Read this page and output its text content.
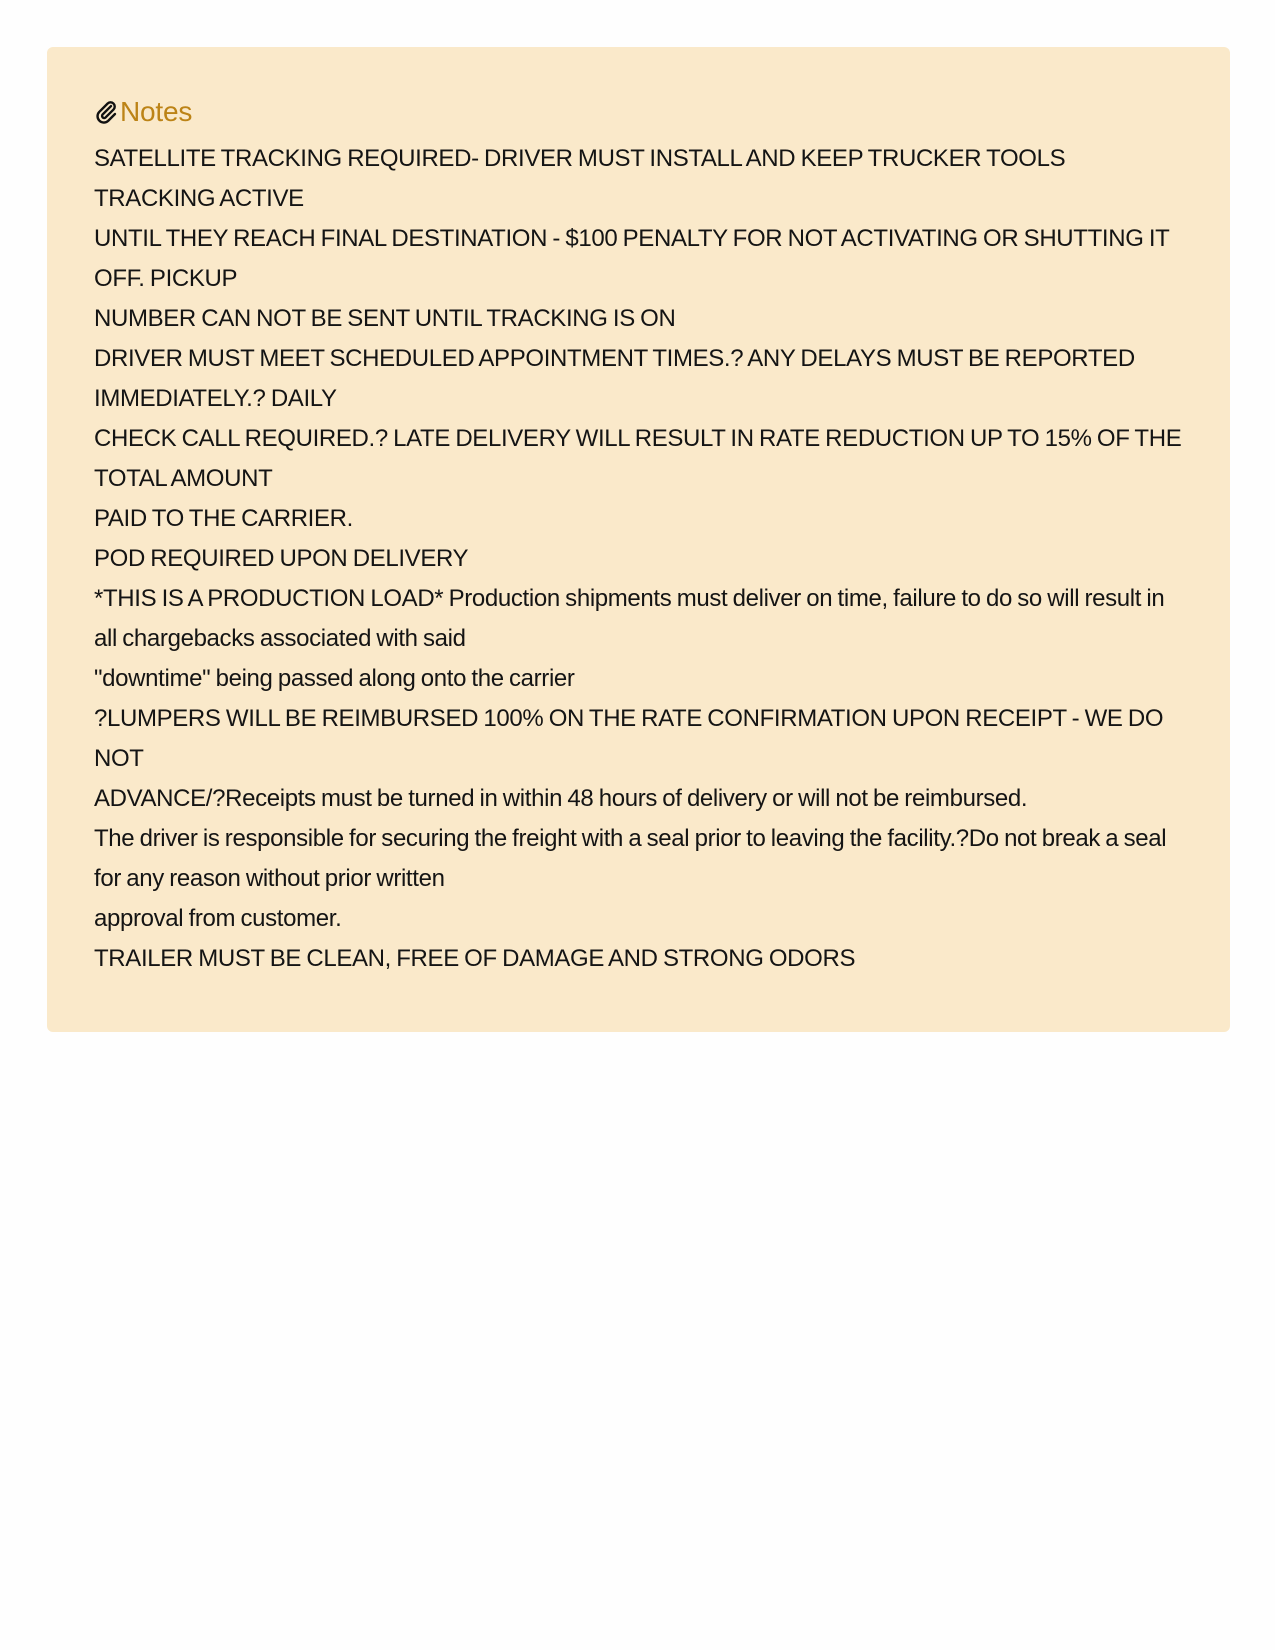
Notes
SATELLITE TRACKING REQUIRED- DRIVER MUST INSTALL AND KEEP TRUCKER TOOLS TRACKING ACTIVE
UNTIL THEY REACH FINAL DESTINATION - $100 PENALTY FOR NOT ACTIVATING OR SHUTTING IT OFF. PICKUP
NUMBER CAN NOT BE SENT UNTIL TRACKING IS ON
DRIVER MUST MEET SCHEDULED APPOINTMENT TIMES.? ANY DELAYS MUST BE REPORTED IMMEDIATELY.? DAILY
CHECK CALL REQUIRED.? LATE DELIVERY WILL RESULT IN RATE REDUCTION UP TO 15% OF THE TOTAL AMOUNT
PAID TO THE CARRIER.
POD REQUIRED UPON DELIVERY
*THIS IS A PRODUCTION LOAD* Production shipments must deliver on time, failure to do so will result in all chargebacks associated with said
"downtime" being passed along onto the carrier
?LUMPERS WILL BE REIMBURSED 100% ON THE RATE CONFIRMATION UPON RECEIPT - WE DO NOT
ADVANCE/?Receipts must be turned in within 48 hours of delivery or will not be reimbursed.
The driver is responsible for securing the freight with a seal prior to leaving the facility.?Do not break a seal for any reason without prior written
approval from customer.
TRAILER MUST BE CLEAN, FREE OF DAMAGE AND STRONG ODORS
